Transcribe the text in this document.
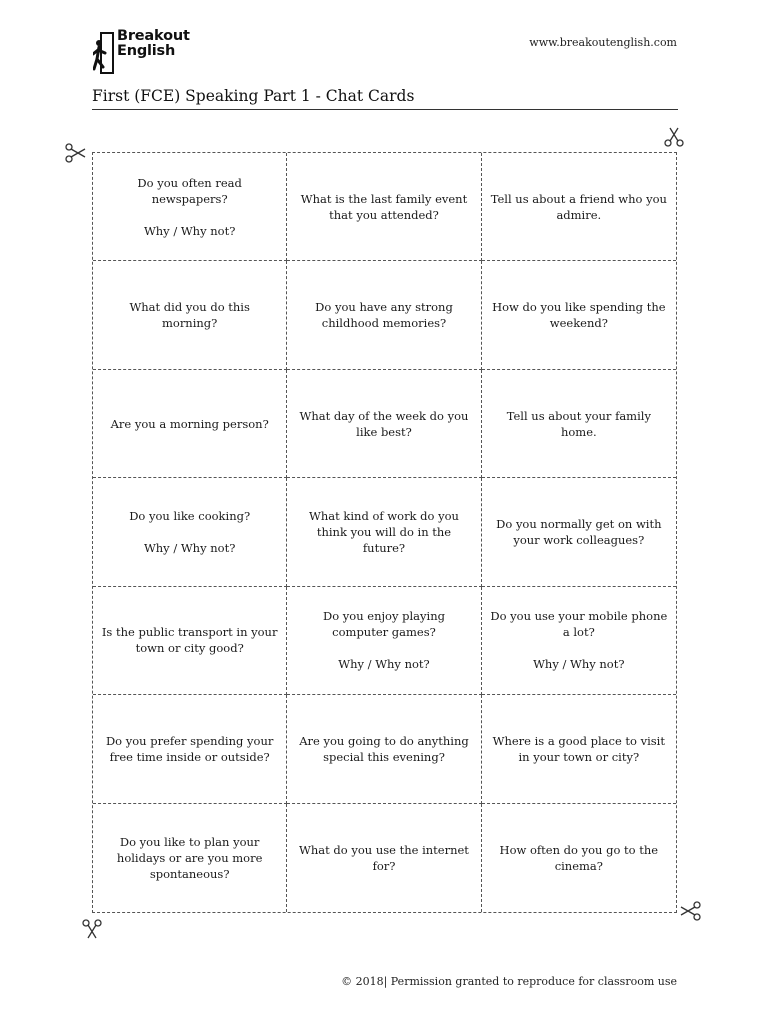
Breakout
English
www.breakoutenglish.com
First (FCE) Speaking Part 1 - Chat Cards
Do you often read newspapers?
Why / Why not?
What is the last family event that you attended?
Tell us about a friend who you admire.
What did you do this morning?
Do you have any strong childhood memories?
How do you like spending the weekend?
Are you a morning person?
What day of the week do you like best?
Tell us about your family home.
Do you like cooking?
Why / Why not?
What kind of work do you think you will do in the future?
Do you normally get on with your work colleagues?
Is the public transport in your town or city good?
Do you enjoy playing computer games?
Why / Why not?
Do you use your mobile phone a lot?
Why / Why not?
Do you prefer spending your free time inside or outside?
Are you going to do anything special this evening?
Where is a good place to visit in your town or city?
Do you like to plan your holidays or are you more spontaneous?
What do you use the internet for?
How often do you go to the cinema?
© 2018| Permission granted to reproduce for classroom use
